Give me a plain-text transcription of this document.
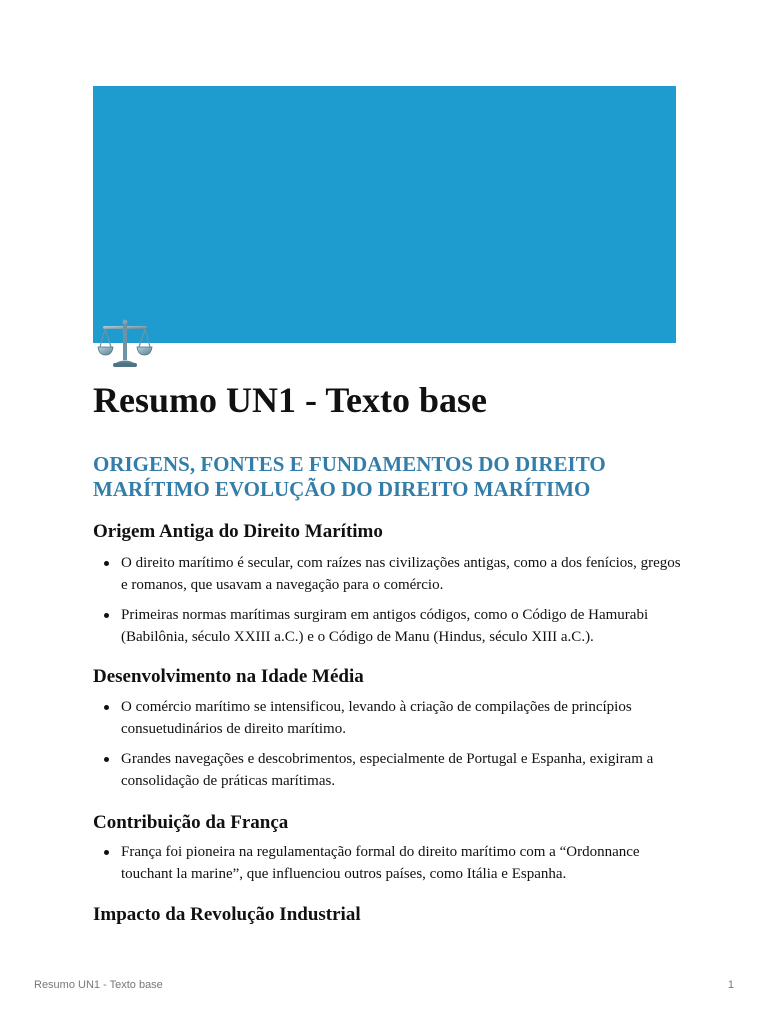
Resumo UN1 - Texto base
ORIGENS, FONTES E FUNDAMENTOS DO DIREITO MARÍTIMO EVOLUÇÃO DO DIREITO MARÍTIMO
Origem Antiga do Direito Marítimo
O direito marítimo é secular, com raízes nas civilizações antigas, como a dos fenícios, gregos e romanos, que usavam a navegação para o comércio.
Primeiras normas marítimas surgiram em antigos códigos, como o Código de Hamurabi (Babilônia, século XXIII a.C.) e o Código de Manu (Hindus, século XIII a.C.).
Desenvolvimento na Idade Média
O comércio marítimo se intensificou, levando à criação de compilações de princípios consuetudinários de direito marítimo.
Grandes navegações e descobrimentos, especialmente de Portugal e Espanha, exigiram a consolidação de práticas marítimas.
Contribuição da França
França foi pioneira na regulamentação formal do direito marítimo com a “Ordonnance touchant la marine”, que influenciou outros países, como Itália e Espanha.
Impacto da Revolução Industrial
Resumo UN1 - Texto base	1
